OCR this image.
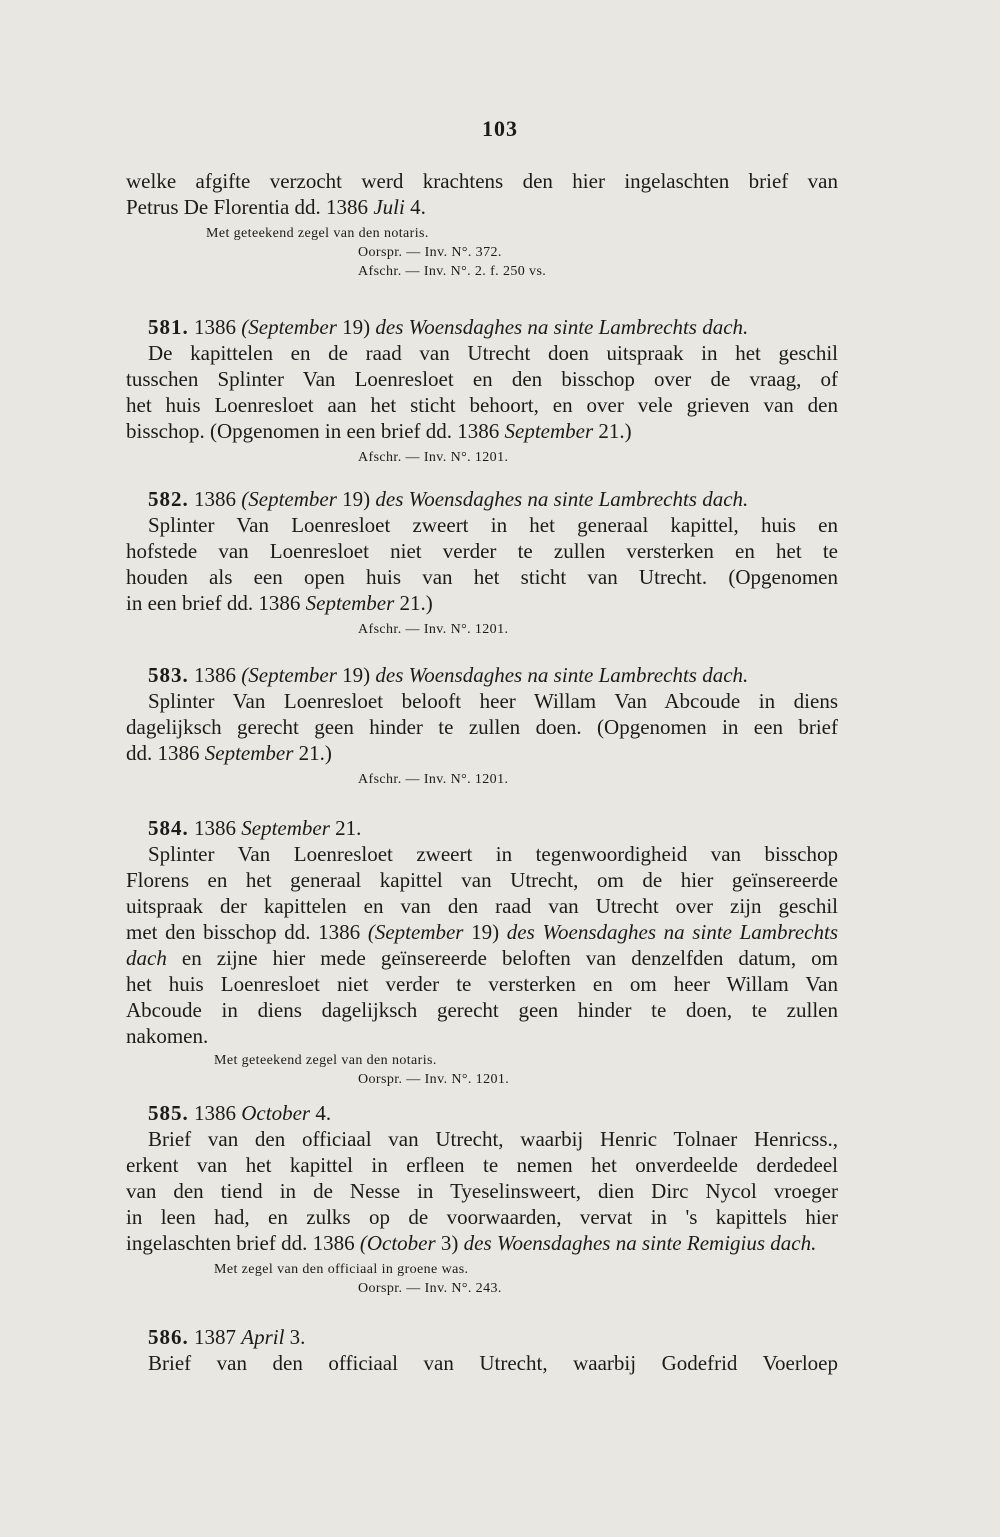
103
welke afgifte verzocht werd krachtens den hier ingelaschten brief van
Petrus De Florentia dd. 1386 Juli 4.
Met geteekend zegel van den notaris.
Oorspr. — Inv. N°. 372.
Afschr. — Inv. N°. 2. f. 250 vs.
581. 1386 (September 19) des Woensdaghes na sinte Lambrechts dach.
De kapittelen en de raad van Utrecht doen uitspraak in het geschil
tusschen Splinter Van Loenresloet en den bisschop over de vraag, of
het huis Loenresloet aan het sticht behoort, en over vele grieven van den
bisschop. (Opgenomen in een brief dd. 1386 September 21.)
Afschr. — Inv. N°. 1201.
582. 1386 (September 19) des Woensdaghes na sinte Lambrechts dach.
Splinter Van Loenresloet zweert in het generaal kapittel, huis en
hofstede van Loenresloet niet verder te zullen versterken en het te
houden als een open huis van het sticht van Utrecht. (Opgenomen
in een brief dd. 1386 September 21.)
Afschr. — Inv. N°. 1201.
583. 1386 (September 19) des Woensdaghes na sinte Lambrechts dach.
Splinter Van Loenresloet belooft heer Willam Van Abcoude in diens
dagelijksch gerecht geen hinder te zullen doen. (Opgenomen in een brief
dd. 1386 September 21.)
Afschr. — Inv. N°. 1201.
584. 1386 September 21.
Splinter Van Loenresloet zweert in tegenwoordigheid van bisschop
Florens en het generaal kapittel van Utrecht, om de hier geïnsereerde
uitspraak der kapittelen en van den raad van Utrecht over zijn geschil
met den bisschop dd. 1386 (September 19) des Woensdaghes na sinte Lambrechts
dach en zijne hier mede geïnsereerde beloften van denzelfden datum, om
het huis Loenresloet niet verder te versterken en om heer Willam Van
Abcoude in diens dagelijksch gerecht geen hinder te doen, te zullen
nakomen.
Met geteekend zegel van den notaris.
Oorspr. — Inv. N°. 1201.
585. 1386 October 4.
Brief van den officiaal van Utrecht, waarbij Henric Tolnaer Henricss.,
erkent van het kapittel in erfleen te nemen het onverdeelde derdedeel
van den tiend in de Nesse in Tyeselinsweert, dien Dirc Nycol vroeger
in leen had, en zulks op de voorwaarden, vervat in 's kapittels hier
ingelaschten brief dd. 1386 (October 3) des Woensdaghes na sinte Remigius dach.
Met zegel van den officiaal in groene was.
Oorspr. — Inv. N°. 243.
586. 1387 April 3.
Brief van den officiaal van Utrecht, waarbij Godefrid Voerloep
